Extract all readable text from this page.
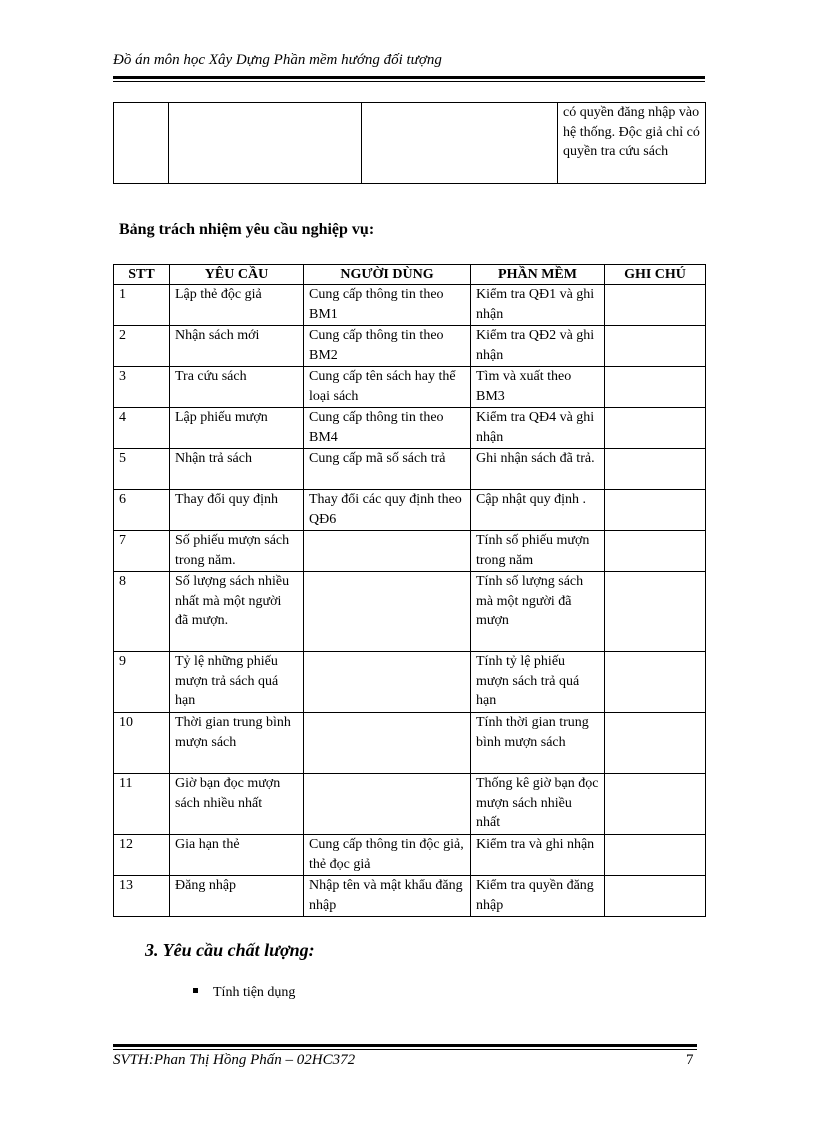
Đồ án môn học Xây Dựng Phần mềm hướng đối tượng
			có quyền đăng nhập vào hệ thống. Độc giả chỉ có quyền tra cứu sách
Bảng trách nhiệm yêu cầu nghiệp vụ:
STT	YÊU CẦU	NGƯỜI DÙNG	PHẦN MỀM	GHI CHÚ
1	Lập thẻ độc giả	Cung cấp thông tin theo BM1	Kiểm tra QĐ1 và ghi nhận	
2	Nhận sách mới	Cung cấp thông tin theo BM2	Kiểm tra QĐ2 và ghi nhận	
3	Tra cứu sách	Cung cấp tên sách hay thể loại sách	Tìm và xuất theo BM3	
4	Lập phiếu mượn	Cung cấp thông tin theo BM4	Kiểm tra QĐ4 và ghi nhận	
5	Nhận trả sách	Cung cấp mã số sách trả	Ghi nhận sách đã trả.	
6	Thay đổi quy định	Thay đổi các quy định theo QĐ6	Cập nhật quy định .	
7	Số phiếu mượn sách trong năm.		Tính số phiếu mượn trong năm	
8	Số lượng sách nhiều nhất mà một người đã mượn.		Tính số lượng sách mà một người đã mượn	
9	Tỷ lệ những phiếu mượn trả sách quá hạn		Tính tỷ lệ phiếu mượn sách trả quá hạn	
10	Thời gian trung bình mượn sách		Tính thời gian trung bình mượn sách	
11	Giờ bạn đọc mượn sách nhiều nhất		Thống kê giờ bạn đọc mượn sách nhiều nhất	
12	Gia hạn thẻ	Cung cấp thông tin độc giả, thẻ đọc giả	Kiểm tra và ghi nhận	
13	Đăng nhập	Nhập tên và mật khẩu đăng nhập	Kiểm tra quyền đăng nhập	
3. Yêu cầu chất lượng:
Tính tiện dụng
SVTH:Phan Thị Hồng Phấn – 02HC372	7
